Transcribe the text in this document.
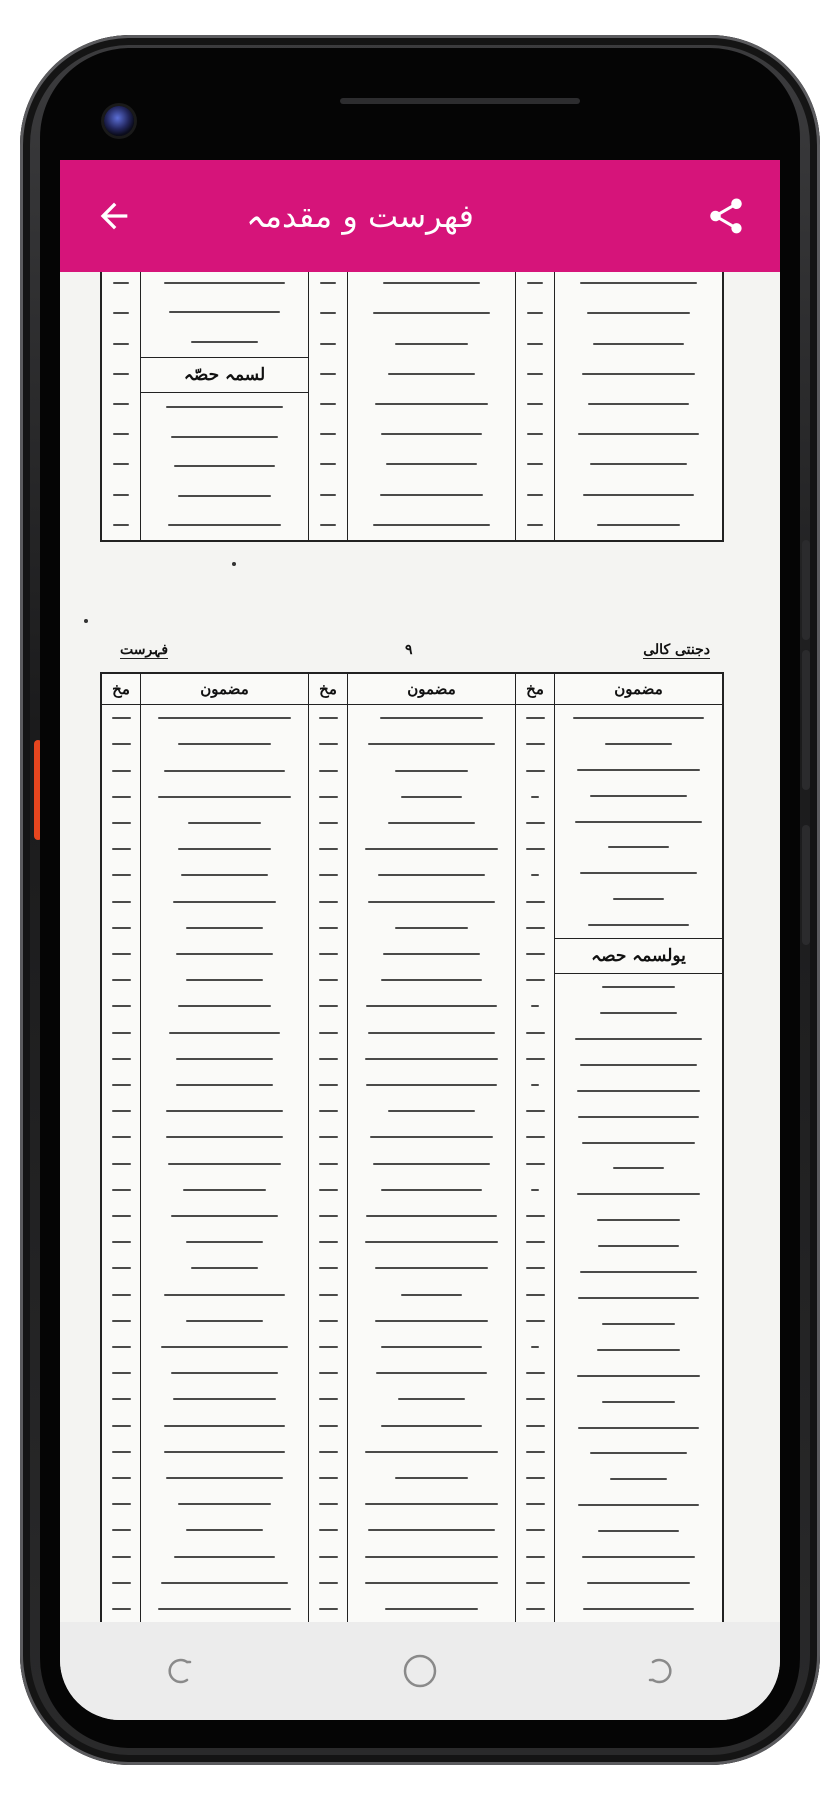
فهرست و مقدمہ
لسمہ حصّہ
فہرست	۹	دجنتی کالی
مضمون
یولسمہ حصہ
مخ
مضمون
مخ
مضمون
مخ
